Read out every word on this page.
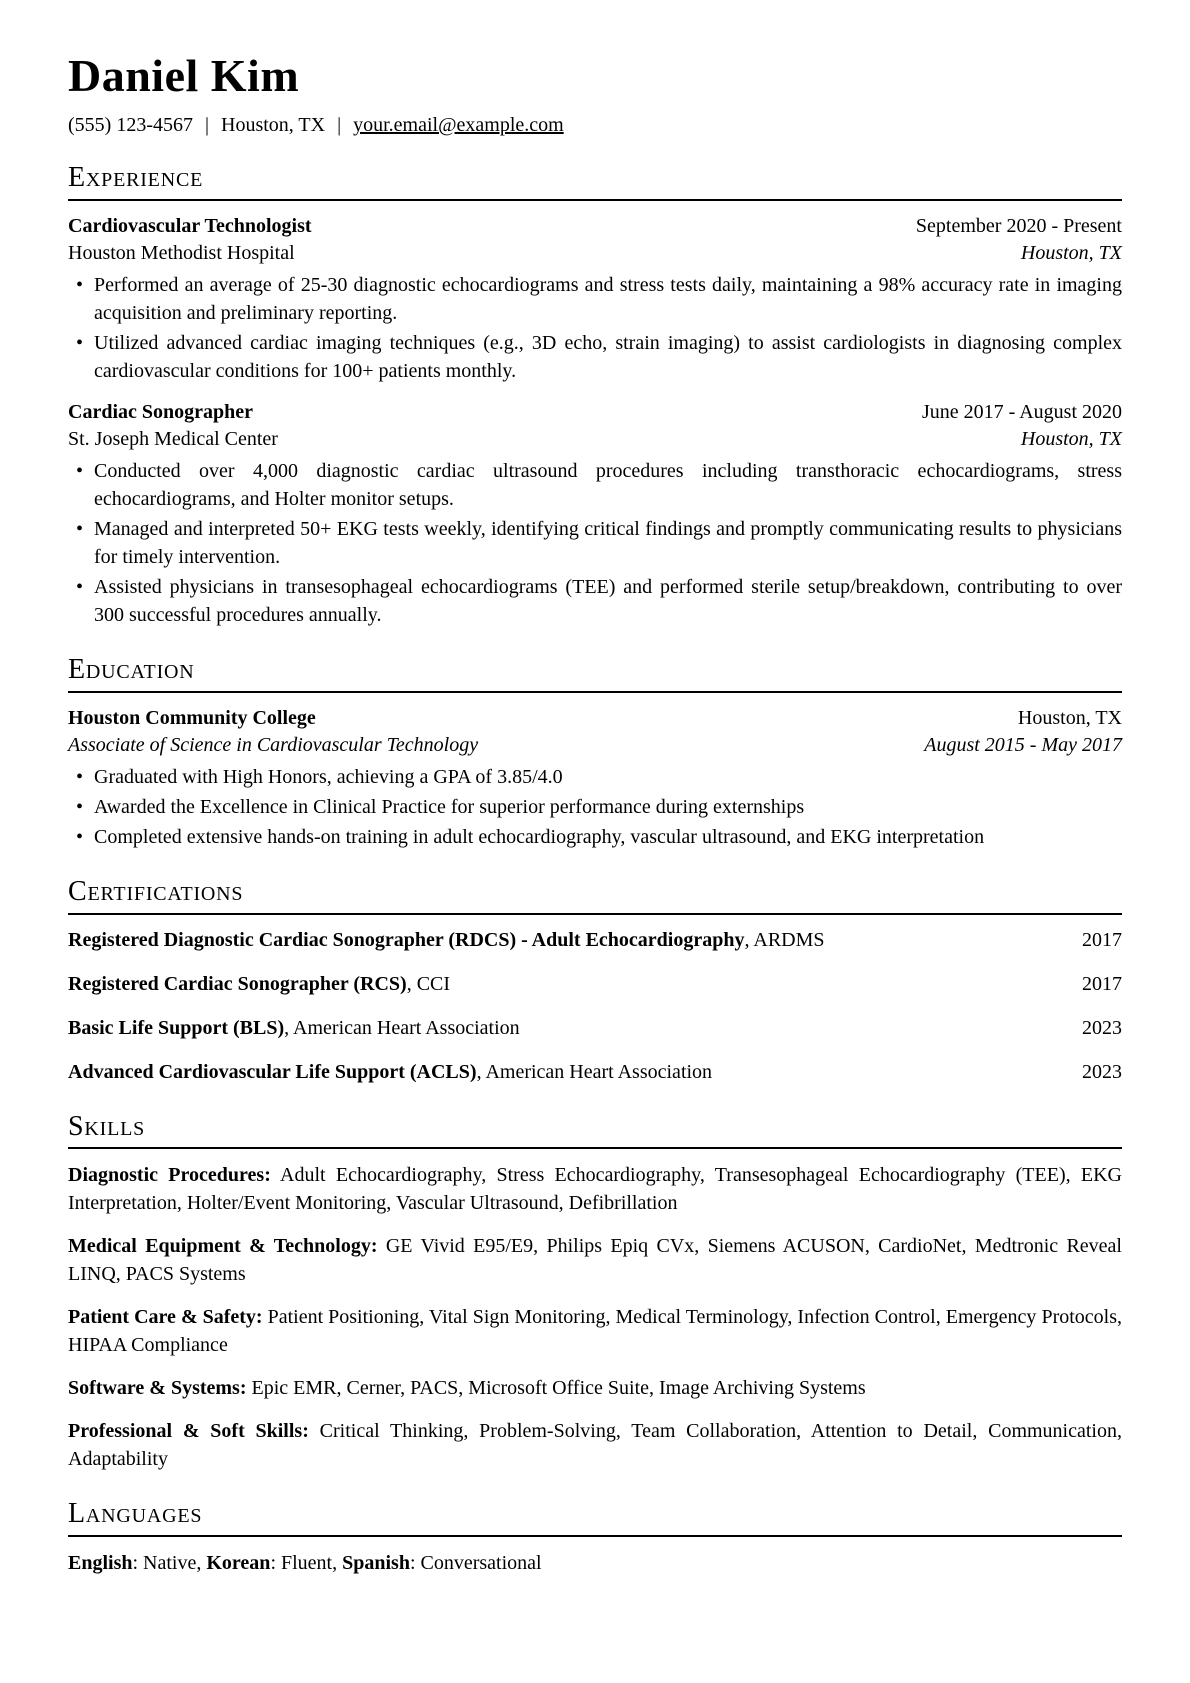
Daniel Kim
(555) 123-4567 | Houston, TX | your.email@example.com
Experience
Cardiovascular Technologist	September 2020 - Present
Houston Methodist Hospital	Houston, TX
• Performed an average of 25-30 diagnostic echocardiograms and stress tests daily, maintaining a 98% accuracy rate in imaging acquisition and preliminary reporting.
• Utilized advanced cardiac imaging techniques (e.g., 3D echo, strain imaging) to assist cardiologists in diagnosing complex cardiovascular conditions for 100+ patients monthly.
Cardiac Sonographer	June 2017 - August 2020
St. Joseph Medical Center	Houston, TX
• Conducted over 4,000 diagnostic cardiac ultrasound procedures including transthoracic echocardiograms, stress echocardiograms, and Holter monitor setups.
• Managed and interpreted 50+ EKG tests weekly, identifying critical findings and promptly communicating results to physicians for timely intervention.
• Assisted physicians in transesophageal echocardiograms (TEE) and performed sterile setup/breakdown, contributing to over 300 successful procedures annually.
Education
Houston Community College	Houston, TX
Associate of Science in Cardiovascular Technology	August 2015 - May 2017
• Graduated with High Honors, achieving a GPA of 3.85/4.0
• Awarded the Excellence in Clinical Practice for superior performance during externships
• Completed extensive hands-on training in adult echocardiography, vascular ultrasound, and EKG interpretation
Certifications
Registered Diagnostic Cardiac Sonographer (RDCS) - Adult Echocardiography, ARDMS	2017
Registered Cardiac Sonographer (RCS), CCI	2017
Basic Life Support (BLS), American Heart Association	2023
Advanced Cardiovascular Life Support (ACLS), American Heart Association	2023
Skills
Diagnostic Procedures: Adult Echocardiography, Stress Echocardiography, Transesophageal Echocardiography (TEE), EKG Interpretation, Holter/Event Monitoring, Vascular Ultrasound, Defibrillation
Medical Equipment & Technology: GE Vivid E95/E9, Philips Epiq CVx, Siemens ACUSON, CardioNet, Medtronic Reveal LINQ, PACS Systems
Patient Care & Safety: Patient Positioning, Vital Sign Monitoring, Medical Terminology, Infection Control, Emergency Protocols, HIPAA Compliance
Software & Systems: Epic EMR, Cerner, PACS, Microsoft Office Suite, Image Archiving Systems
Professional & Soft Skills: Critical Thinking, Problem-Solving, Team Collaboration, Attention to Detail, Communication, Adaptability
Languages
English: Native, Korean: Fluent, Spanish: Conversational
